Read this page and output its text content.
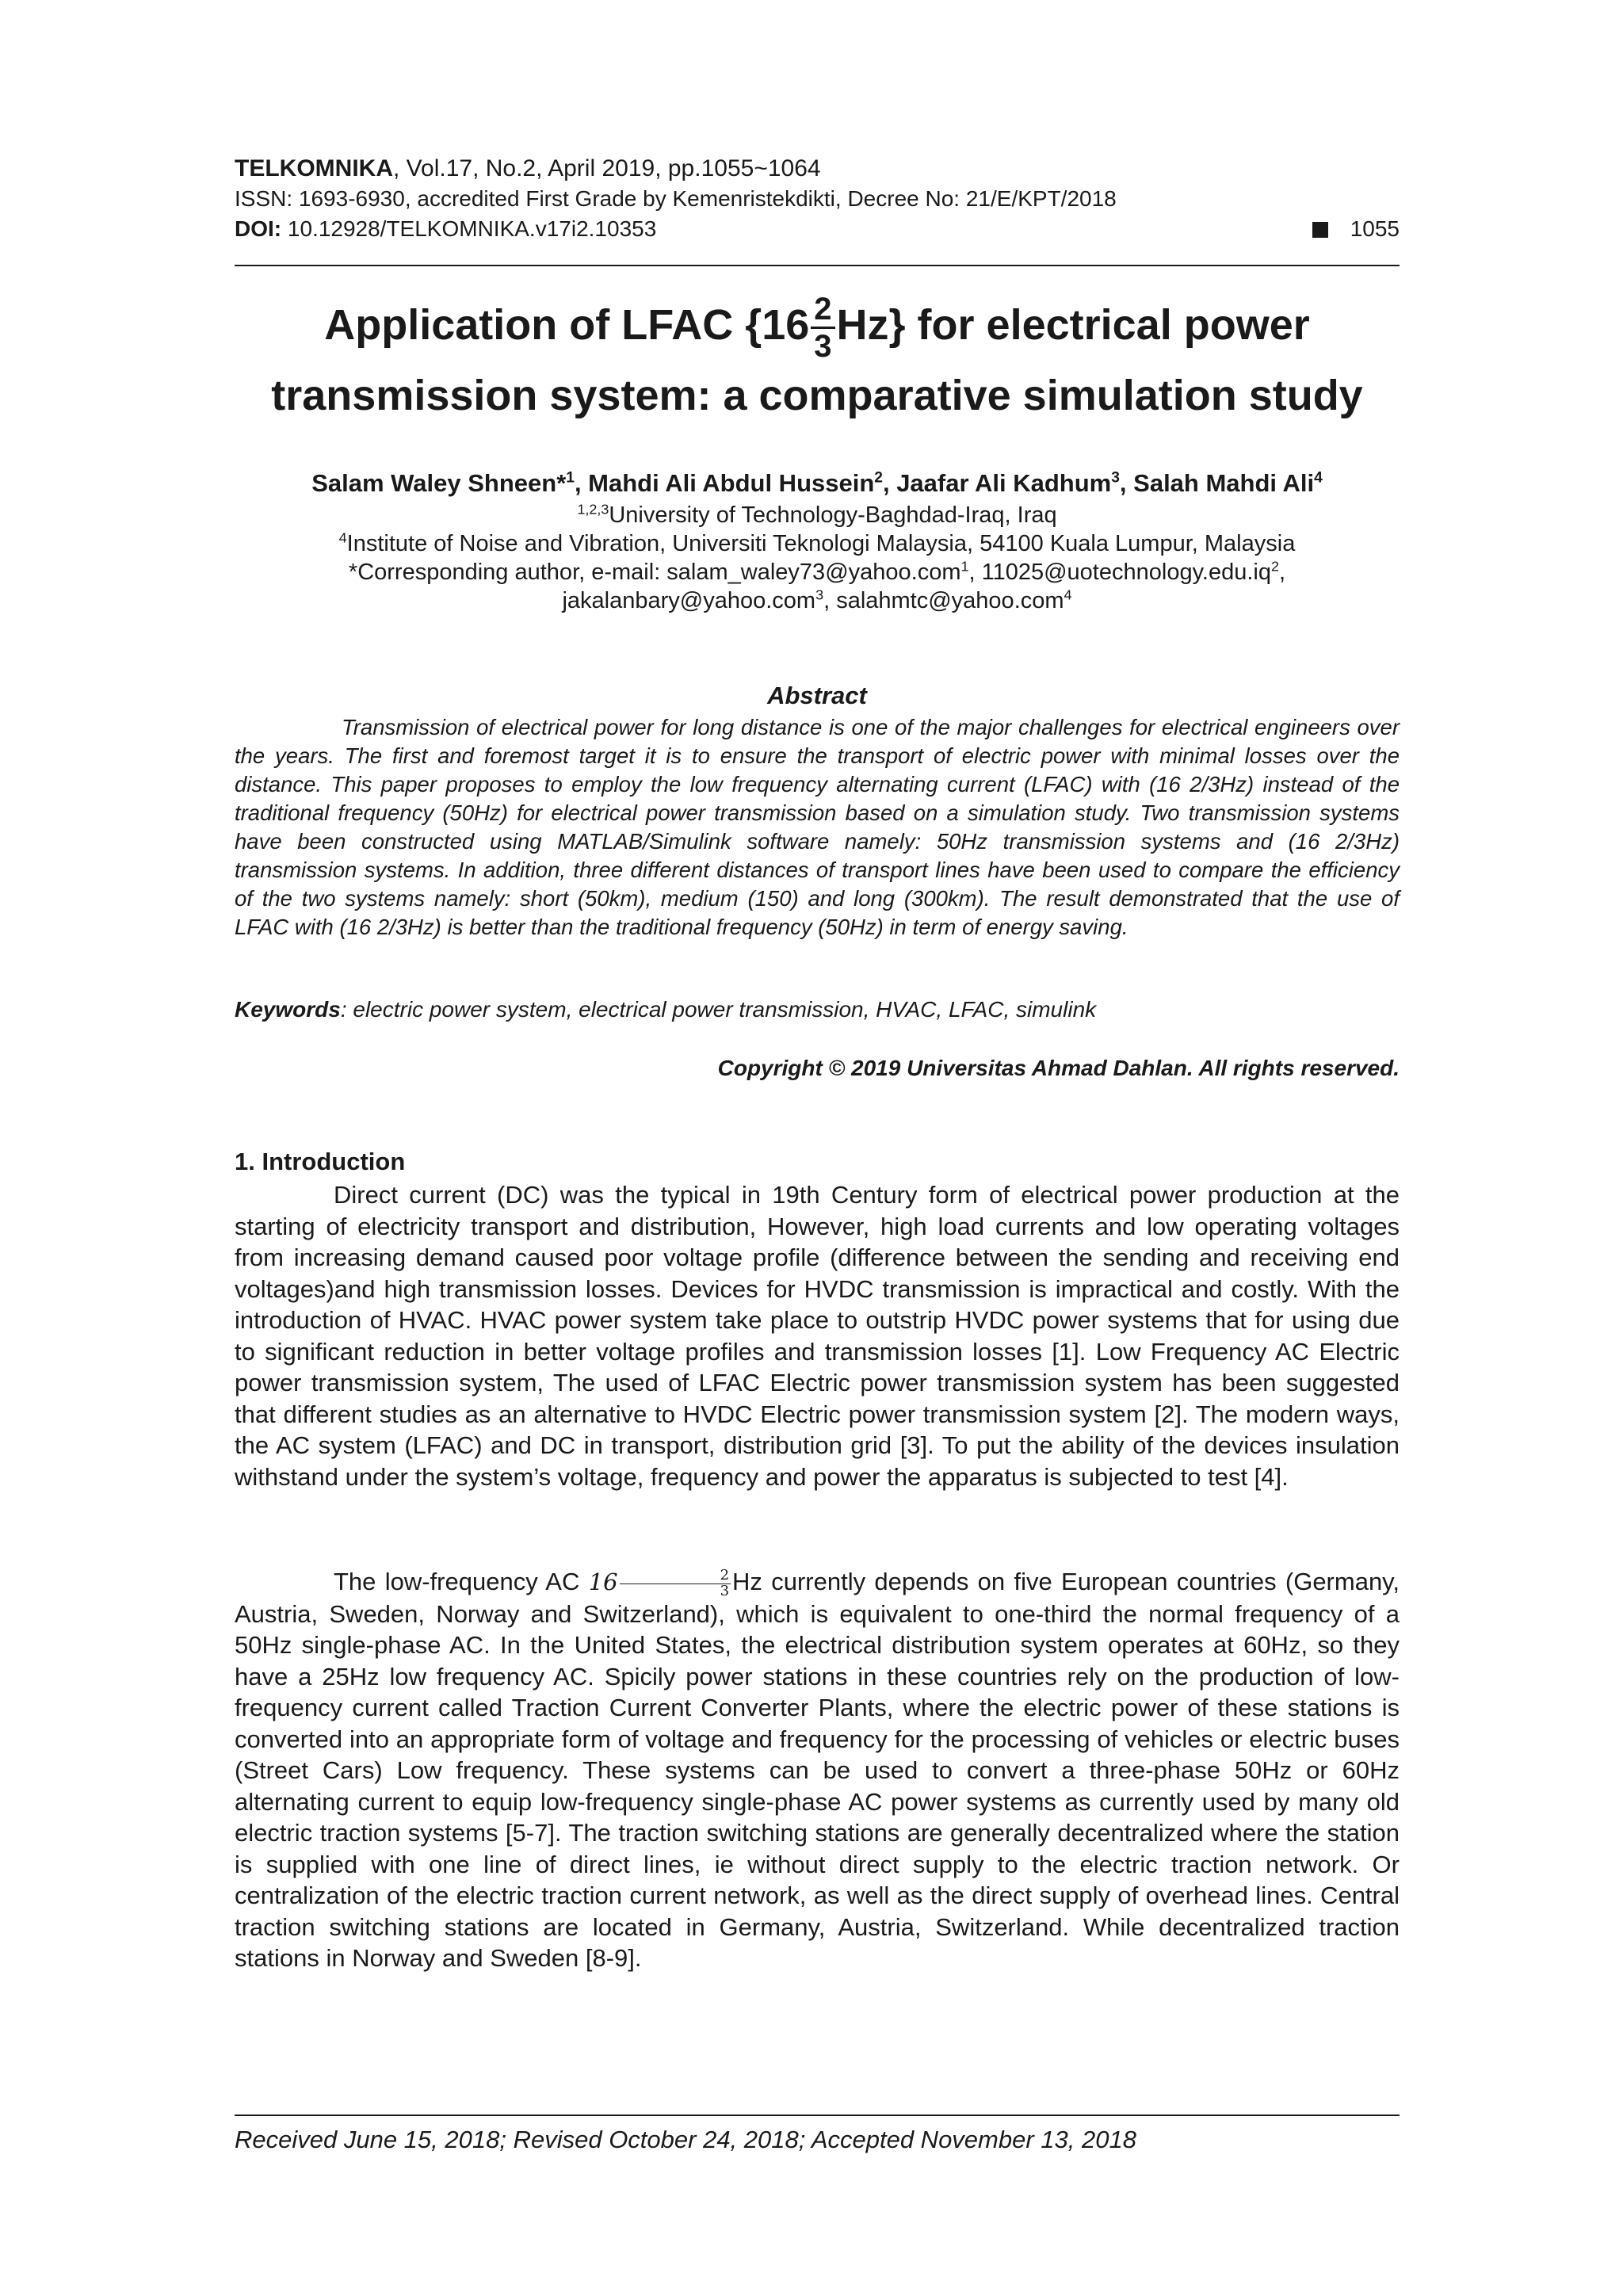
TELKOMNIKA, Vol.17, No.2, April 2019, pp.1055~1064
ISSN: 1693-6930, accredited First Grade by Kemenristekdikti, Decree No: 21/E/KPT/2018
DOI: 10.12928/TELKOMNIKA.v17i2.10353	1055
Application of LFAC $\{16 \frac{2}{3} Hz\}$ for electrical power
transmission system: a comparative simulation study
Salam Waley Shneen*$^1$, Mahdi Ali Abdul Hussein$^2$, Jaafar Ali Kadhum$^3$, Salah Mahdi Ali$^4$
$^{1,2,3}$University of Technology-Baghdad-Iraq, Iraq
$^4$Institute of Noise and Vibration, Universiti Teknologi Malaysia, 54100 Kuala Lumpur, Malaysia
*Corresponding author, e-mail: salam_waley73@yahoo.com$^1$, $11025@uotechnology.edu.iq^2$,
jakalanbary@yahoo.com$^3$, salahmtc@yahoo.com$^4$
Abstract

Transmission of electrical power for long distance is one of the major challenges for electrical engineers over the years. The first and foremost target it is to ensure the transport of electric power with minimal losses over the distance. This paper proposes to employ the low frequency alternating current (LFAC) with (16 2/3Hz) instead of the traditional frequency (50Hz) for electrical power transmission based on a simulation study. Two transmission systems have been constructed using MATLAB/Simulink software namely: 50Hz transmission systems and (16 2/3Hz) transmission systems. In addition, three different distances of transport lines have been used to compare the efficiency of the two systems namely: short (50km), medium (150) and long (300km). The result demonstrated that the use of LFAC with (16 2/3Hz) is better than the traditional frequency (50Hz) in term of energy saving.

Keywords: electric power system, electrical power transmission, HVAC, LFAC, simulink
Copyright © 2019 Universitas Ahmad Dahlan. All rights reserved.
1. Introduction

Direct current (DC) was the typical in 19th Century form of electrical power production at the starting of electricity transport and distribution, However, high load currents and low operating voltages from increasing demand caused poor voltage profile (difference between the sending and receiving end voltages)and high transmission losses. Devices for HVDC transmission is impractical and costly. With the introduction of HVAC. HVAC power system take place to outstrip HVDC power systems that for using due to significant reduction in better voltage profiles and transmission losses [1]. Low Frequency AC Electric power transmission system, The used of LFAC Electric power transmission system has been suggested that different studies as an alternative to HVDC Electric power transmission system [2]. The modern ways, the AC system (LFAC) and DC in transport, distribution grid [3]. To put the ability of the devices insulation withstand under the system’s voltage, frequency and power the apparatus is subjected to test [4].

The low-frequency AC $16 \frac{2}{3}$ Hz currently depends on five European countries (Germany, Austria, Sweden, Norway and Switzerland), which is equivalent to one-third the normal frequency of a 50Hz single-phase AC. In the United States, the electrical distribution system operates at 60Hz, so they have a 25Hz low frequency AC. Spicily power stations in these countries rely on the production of low-frequency current called Traction Current Converter Plants, where the electric power of these stations is converted into an appropriate form of voltage and frequency for the processing of vehicles or electric buses (Street Cars) Low frequency. These systems can be used to convert a three-phase 50Hz or 60Hz alternating current to equip low-frequency single-phase AC power systems as currently used by many old electric traction systems [5-7]. The traction switching stations are generally decentralized where the station is supplied with one line of direct lines, ie without direct supply to the electric traction network. Or centralization of the electric traction current network, as well as the direct supply of overhead lines. Central traction switching stations are located in Germany, Austria, Switzerland. While decentralized traction stations in Norway and Sweden [8-9].

Received June 15, 2018; Revised October 24, 2018; Accepted November 13, 2018
